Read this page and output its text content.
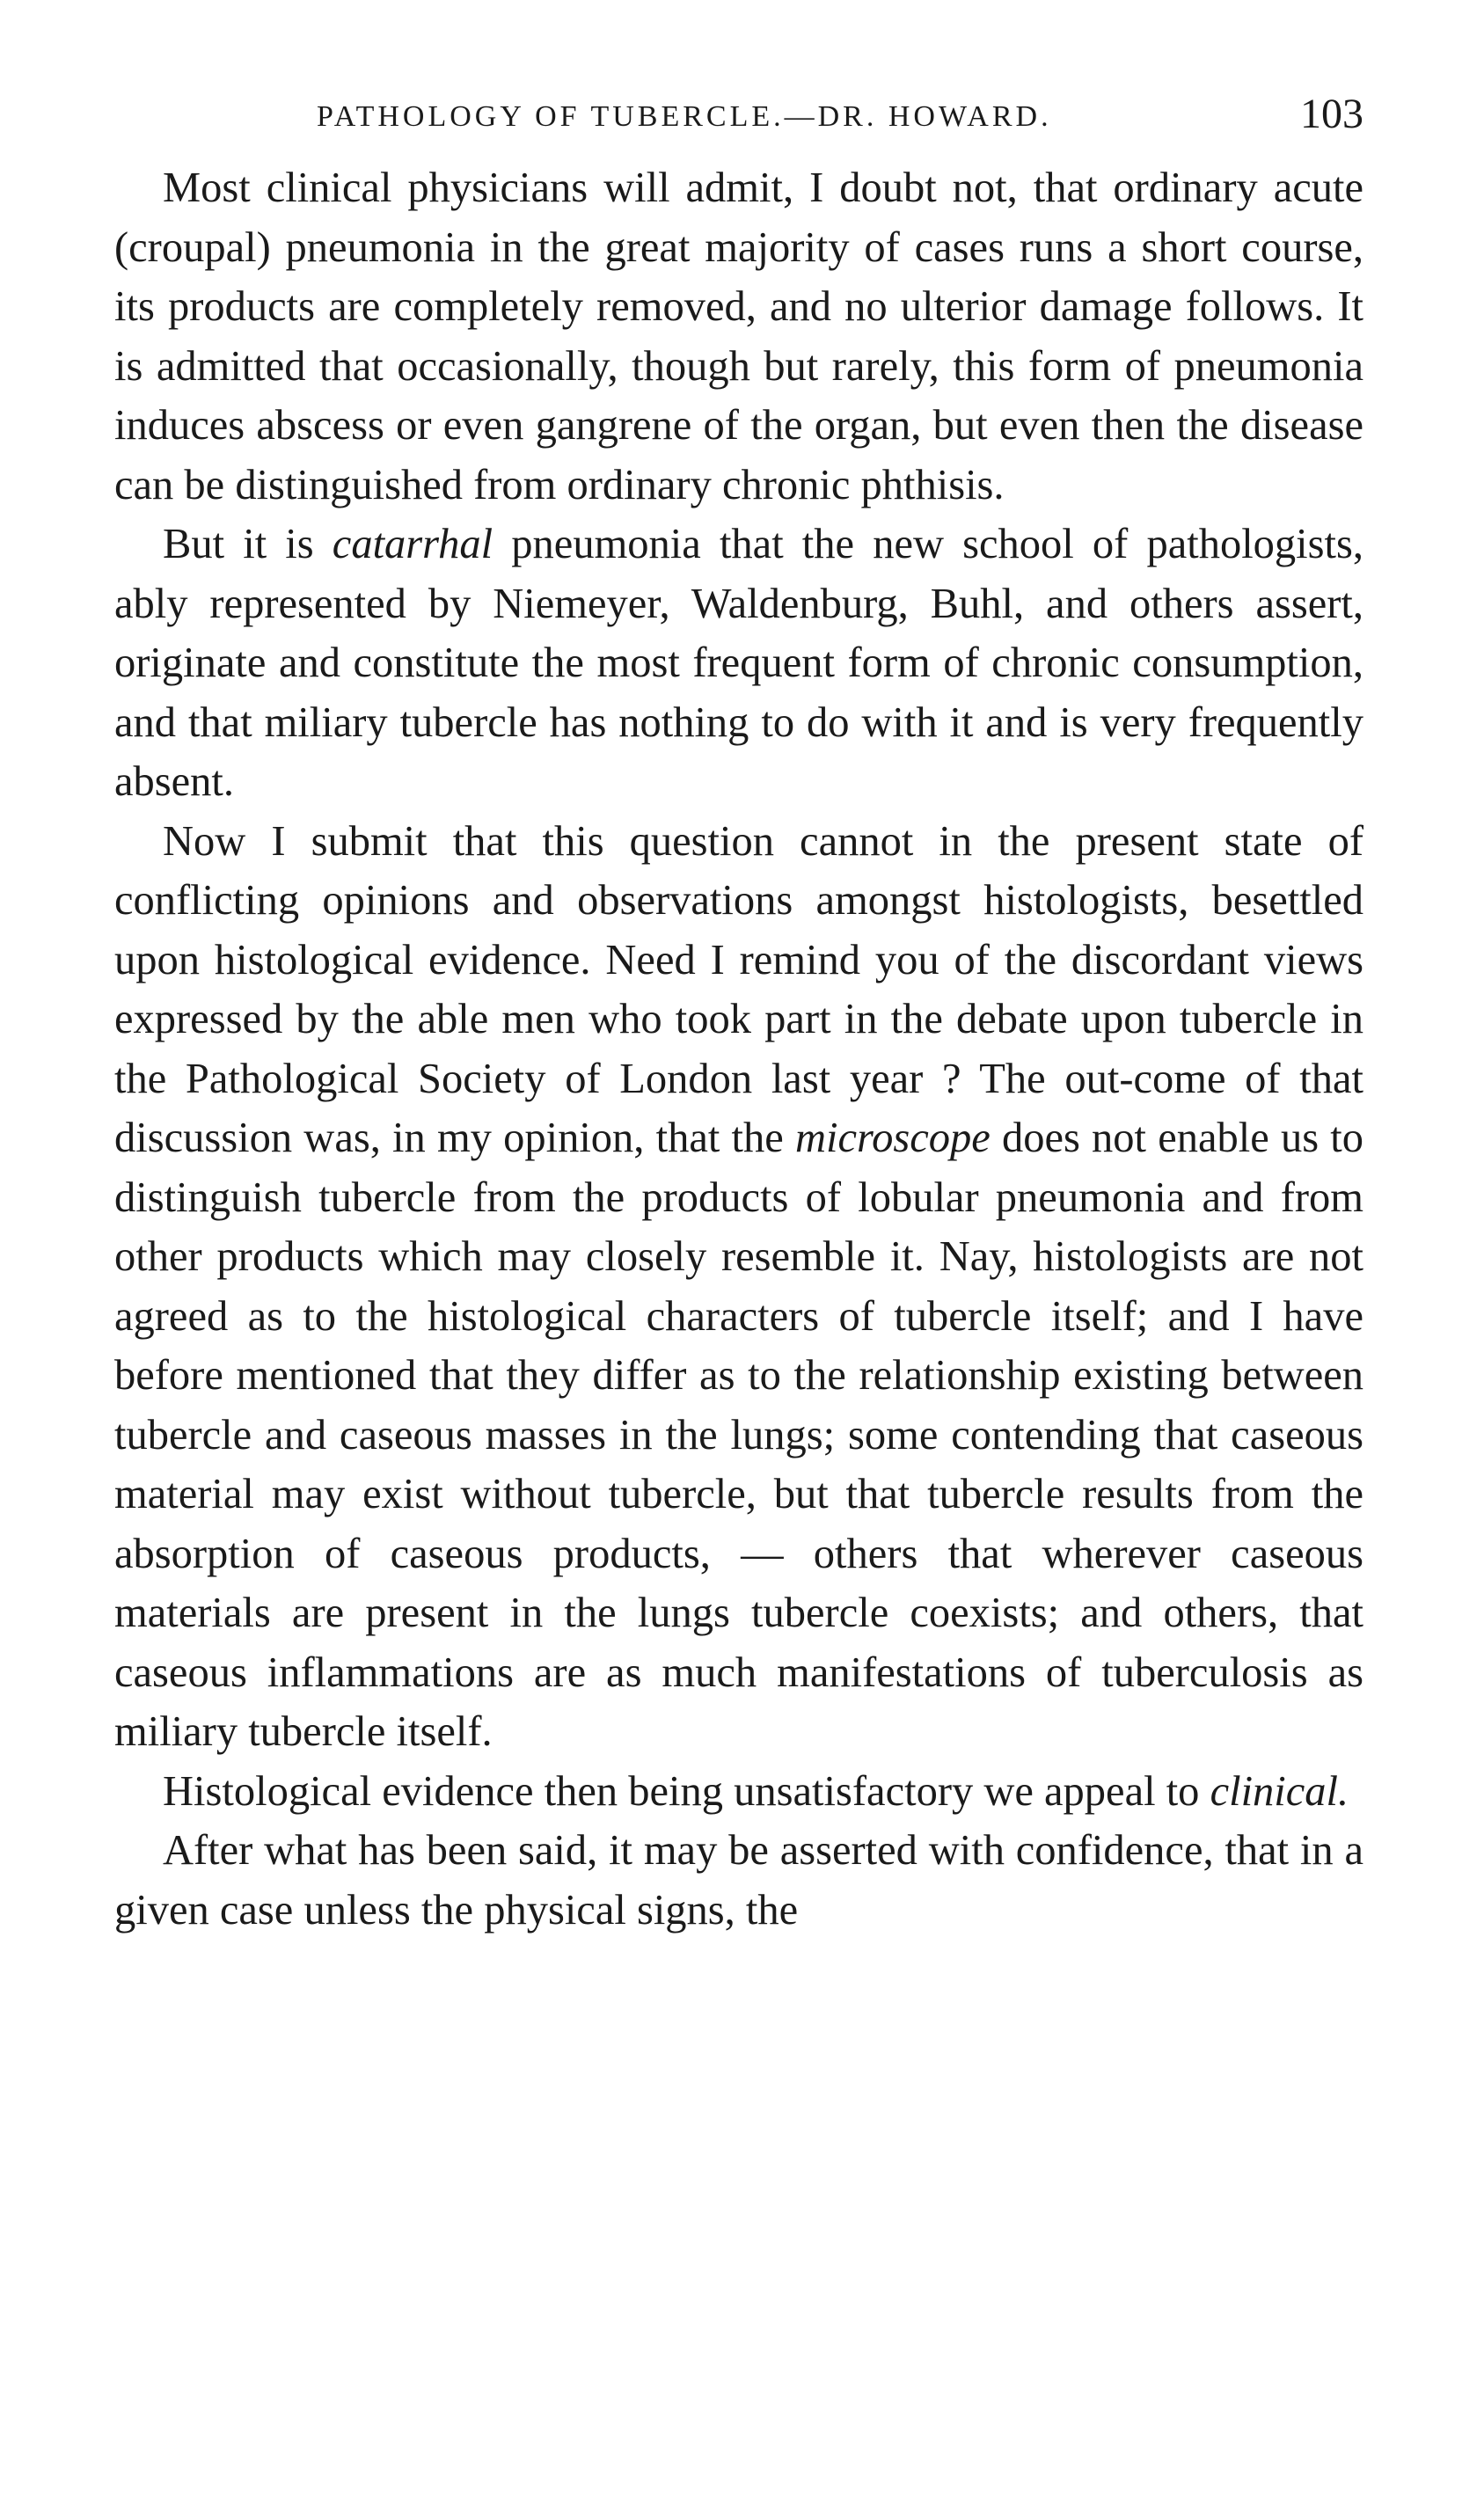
PATHOLOGY OF TUBERCLE.—DR. HOWARD.	103

Most clinical physicians will admit, I doubt not, that ordinary acute (croupal) pneumonia in the great majority of cases runs a short course, its products are completely removed, and no ulterior damage follows. It is admitted that occasionally, though but rarely, this form of pneumonia induces abscess or even gangrene of the organ, but even then the disease can be distinguished from ordinary chronic phthisis.

But it is catarrhal pneumonia that the new school of pathologists, ably represented by Niemeyer, Waldenburg, Buhl, and others assert, originate and constitute the most frequent form of chronic consumption, and that miliary tubercle has nothing to do with it and is very frequently absent.

Now I submit that this question cannot in the present state of conflicting opinions and observations amongst histologists, besettled upon histological evidence. Need I remind you of the discordant views expressed by the able men who took part in the debate upon tubercle in the Pathological Society of London last year ? The out-come of that discussion was, in my opinion, that the microscope does not enable us to distinguish tubercle from the products of lobular pneumonia and from other products which may closely resemble it. Nay, histologists are not agreed as to the histological characters of tubercle itself; and I have before mentioned that they differ as to the relationship existing between tubercle and caseous masses in the lungs; some contending that caseous material may exist without tubercle, but that tubercle results from the absorption of caseous products, — others that wherever caseous materials are present in the lungs tubercle coexists; and others, that caseous inflammations are as much manifestations of tuberculosis as miliary tubercle itself.

Histological evidence then being unsatisfactory we appeal to clinical.

After what has been said, it may be asserted with confidence, that in a given case unless the physical signs, the
